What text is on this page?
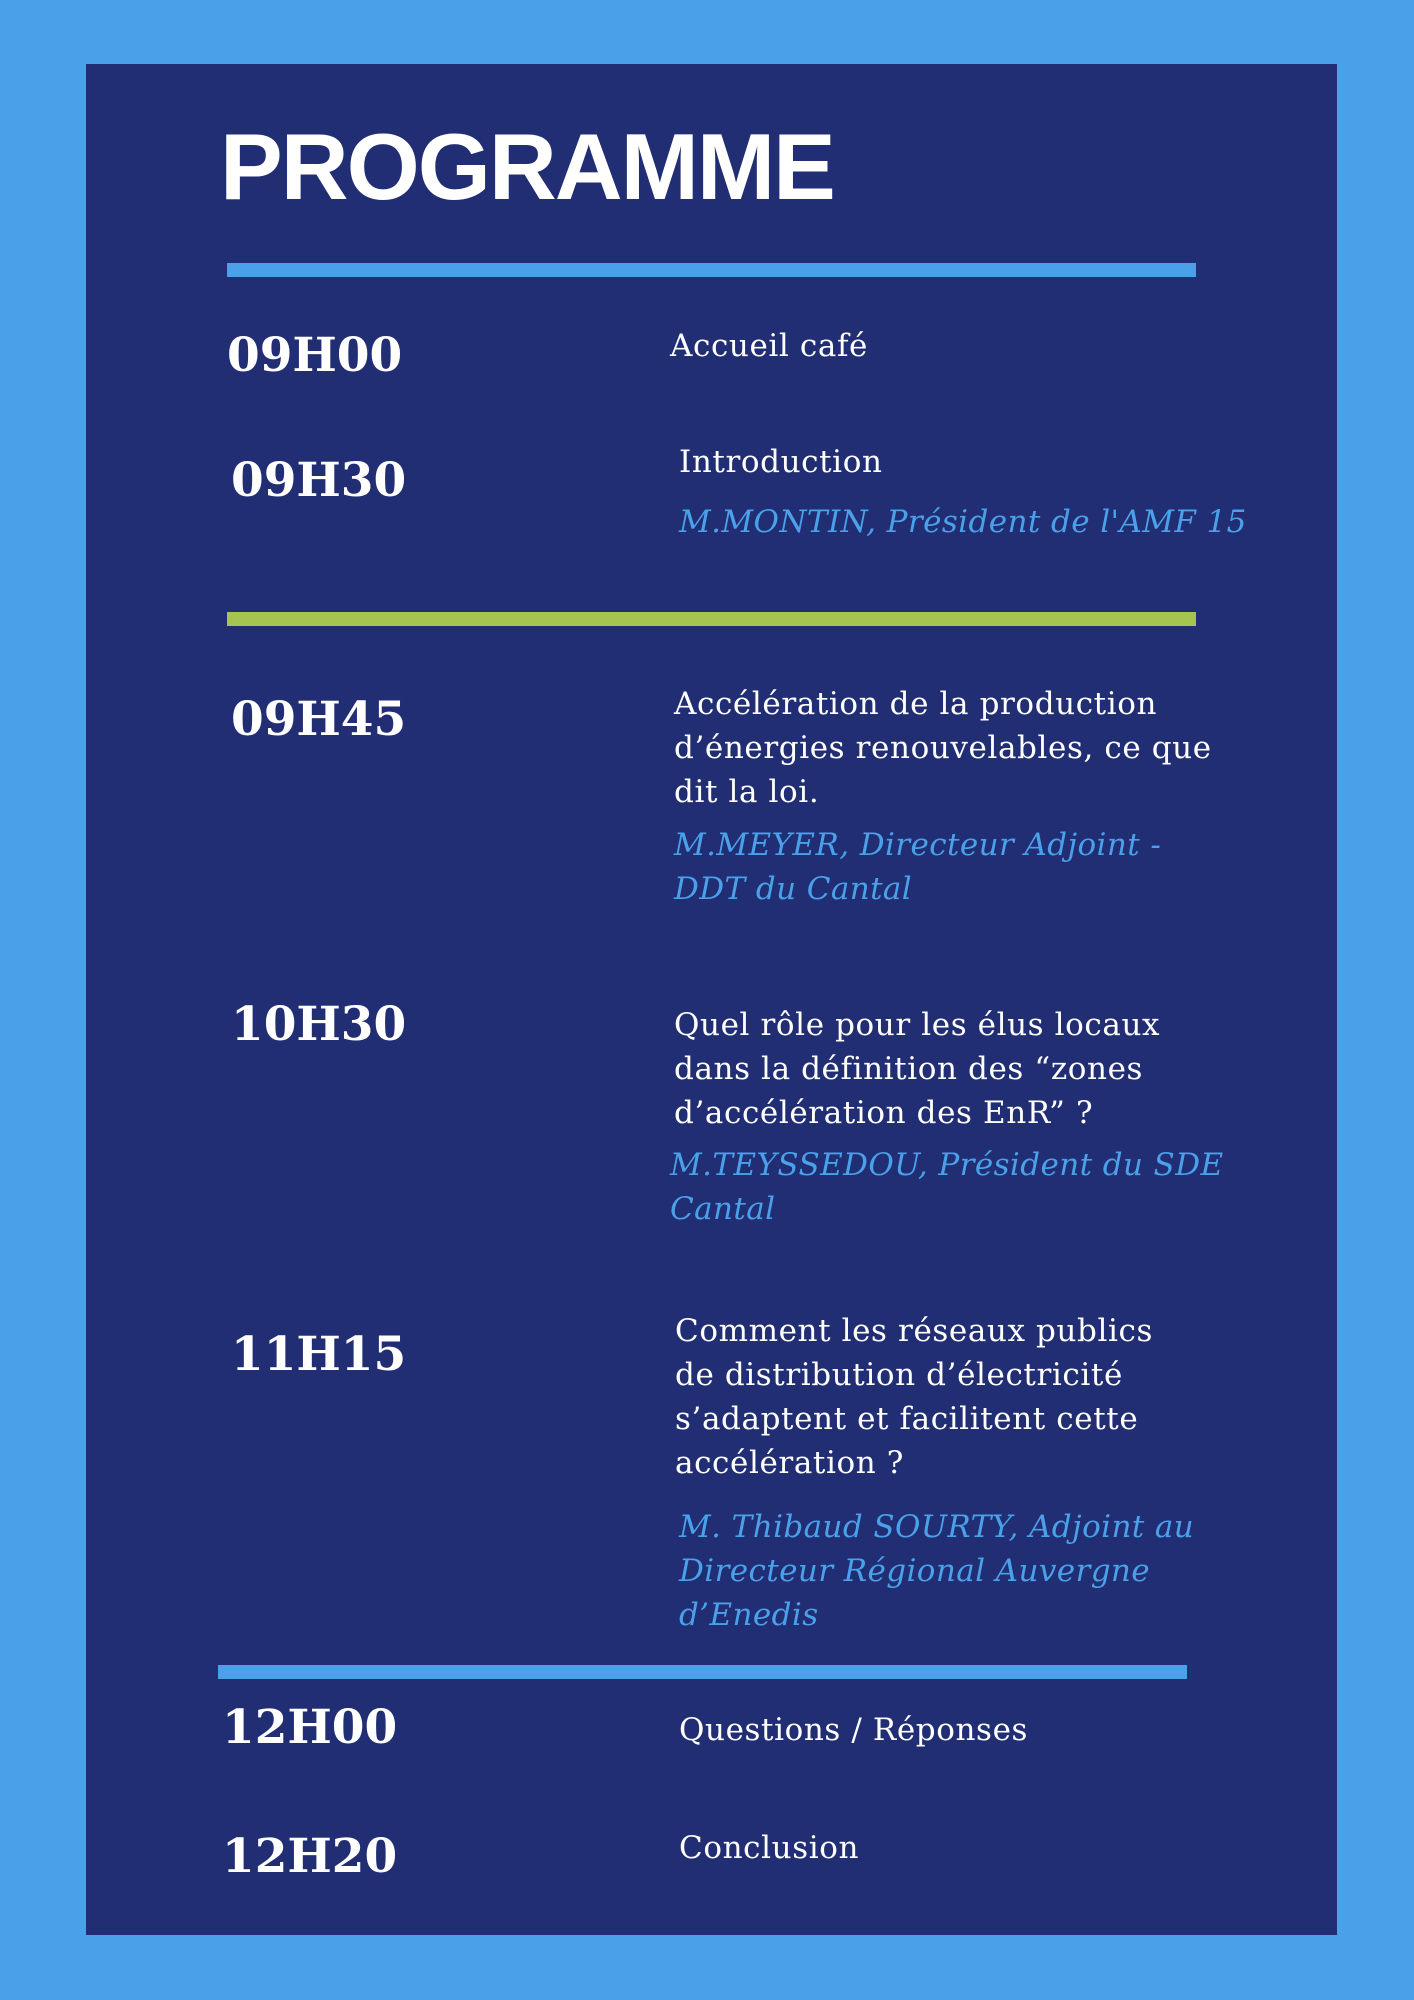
PROGRAMME
09H00	Accueil café
09H30	Introduction
M.MONTIN, Président de l'AMF 15
09H45	Accélération de la production d’énergies renouvelables, ce que dit la loi.
M.MEYER, Directeur Adjoint - DDT du Cantal
10H30	Quel rôle pour les élus locaux dans la définition des “zones d’accélération des EnR” ?
M.TEYSSEDOU, Président du SDE Cantal
11H15	Comment les réseaux publics de distribution d’électricité s’adaptent et facilitent cette accélération ?
M. Thibaud SOURTY, Adjoint au Directeur Régional Auvergne d’Enedis
12H00	Questions / Réponses
12H20	Conclusion
